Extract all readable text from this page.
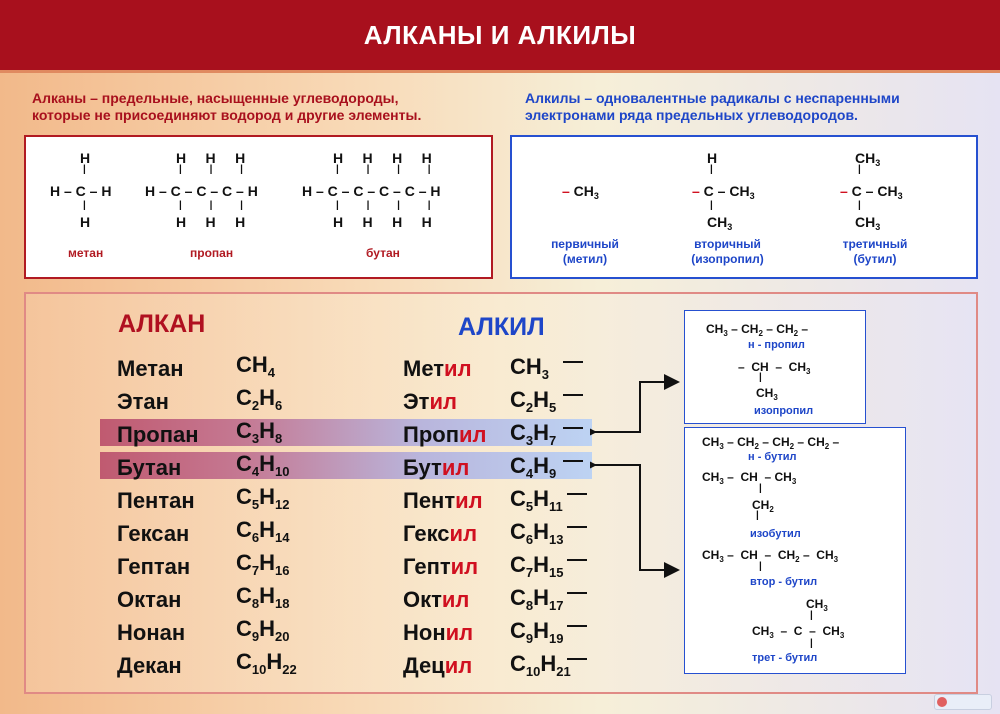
АЛКАНЫ И АЛКИЛЫ
Алканы – предельные, насыщенные углеводороды,
которые не присоединяют водород и другие элементы.
Алкилы – одновалентные радикалы с неспаренными
электронами ряда предельных углеводородов.
H
|
H – C – H
|
H
метан
H     H     H
|          |          |
H – C – C – C – H
|          |          |
H     H     H
пропан
H     H     H     H
|          |          |          |
H – C – C – C – C – H
|          |          |          |
H     H     H     H
бутан
– $CH_3$
первичный
(метил)
H
|
– C – $CH_3$
|
$CH_3$
вторичный
(изопропил)
$CH_3$
|
– C – $CH_3$
|
$CH_3$
третичный
(бутил)
АЛКАН	АЛКИЛ
Метан $CH_4$	Метил $CH_3$
Этан	$C_2H_6$	Этил $C_2H_5$
Пропан $C_3H_8$	Пропил $C_3H_7$
Бутан $C_4H_{10}$	Бутил $C_4H_9$
Пентан $C_5H_{12}$	Пентил $C_5H_{11}$
Гексан $C_6H_{14}$	Гексил $C_6H_{13}$
Гептан $C_7H_{16}$	Гептил $C_7H_{15}$
Октан $C_8H_{18}$	Октил $C_8H_{17}$
Нонан $C_9H_{20}$	Нонил $C_9H_{19}$
Декан $C_{10}H_{22}$	Децил $C_{10}H_{21}$
$CH_3 - CH_2 - CH_2$ –
н - пропил
–  CH  –  $CH_3$
|
$CH_3$
изопропил
$CH_3 - CH_2 - CH_2 - CH_2$ –
н - бутил
$CH_3$ –  CH  – $CH_3$
|
$CH_2$
|
изобутил
$CH_3$ –  CH  –  $CH_2 - CH_3$
|
втор - бутил
$CH_3$
|
$CH_3$  –  C  –  $CH_3$
|
трет - бутил
